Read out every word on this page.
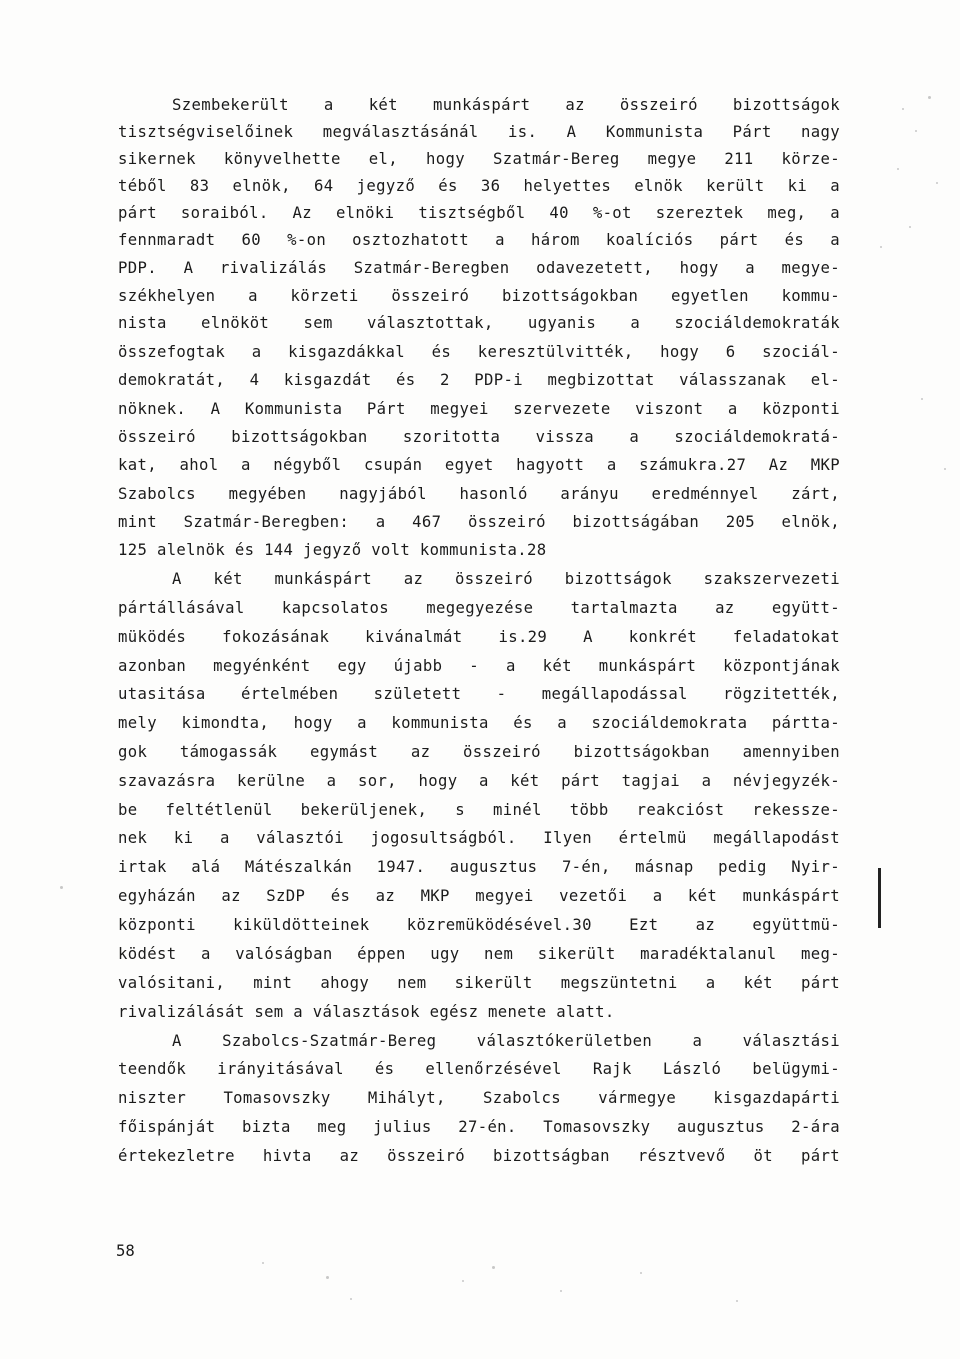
Szembekerült a két munkáspárt az összeiró bizottságok

tisztségviselőinek megválasztásánál is. A Kommunista Párt nagy

sikernek könyvelhette el, hogy Szatmár-Bereg megye 211 körze-

téből 83 elnök, 64 jegyző és 36 helyettes elnök került ki a

párt soraiból. Az elnöki tisztségből 40 %-ot szereztek meg, a

fennmaradt 60 %-on osztozhatott a három koalíciós párt és a

PDP. A rivalizálás Szatmár-Beregben odavezetett, hogy a megye-

székhelyen a körzeti összeiró bizottságokban egyetlen kommu-

nista elnököt sem választottak, ugyanis a szociáldemokraták

összefogtak a kisgazdákkal és keresztülvitték, hogy 6 szociál-

demokratát, 4 kisgazdát és 2 PDP-i megbizottat válasszanak el-

nöknek. A Kommunista Párt megyei szervezete viszont a központi

összeiró bizottságokban szoritotta vissza a szociáldemokratá-

kat, ahol a négyből csupán egyet hagyott a számukra.27 Az MKP

Szabolcs megyében nagyjából hasonló arányu eredménnyel zárt,

mint Szatmár-Beregben: a 467 összeiró bizottságában 205 elnök,

125 alelnök és 144 jegyző volt kommunista.28

A két munkáspárt az összeiró bizottságok szakszervezeti

pártállásával kapcsolatos megegyezése tartalmazta az együtt-

müködés fokozásának kivánalmát is.29 A konkrét feladatokat

azonban megyénként egy újabb - a két munkáspárt központjának

utasitása értelmében született - megállapodással rögzitették,

mely kimondta, hogy a kommunista és a szociáldemokrata pártta-

gok támogassák egymást az összeiró bizottságokban amennyiben

szavazásra kerülne a sor, hogy a két párt tagjai a névjegyzék-

be feltétlenül bekerüljenek, s minél több reakcióst rekessze-

nek ki a választói jogosultságból. Ilyen értelmü megállapodást

irtak alá Mátészalkán 1947. augusztus 7-én, másnap pedig Nyir-

egyházán az SzDP és az MKP megyei vezetői a két munkáspárt

központi kiküldötteinek közremüködésével.30 Ezt az együttmü-

ködést a valóságban éppen ugy nem sikerült maradéktalanul meg-

valósitani, mint ahogy nem sikerült megszüntetni a két párt

rivalizálását sem a választások egész menete alatt.

A Szabolcs-Szatmár-Bereg választókerületben a választási

teendők irányitásával és ellenőrzésével Rajk László belügymi-

niszter Tomasovszky Mihályt, Szabolcs vármegye kisgazdapárti

főispánját bizta meg julius 27-én. Tomasovszky augusztus 2-ára

értekezletre hivta az összeiró bizottságban résztvevő öt párt

58
